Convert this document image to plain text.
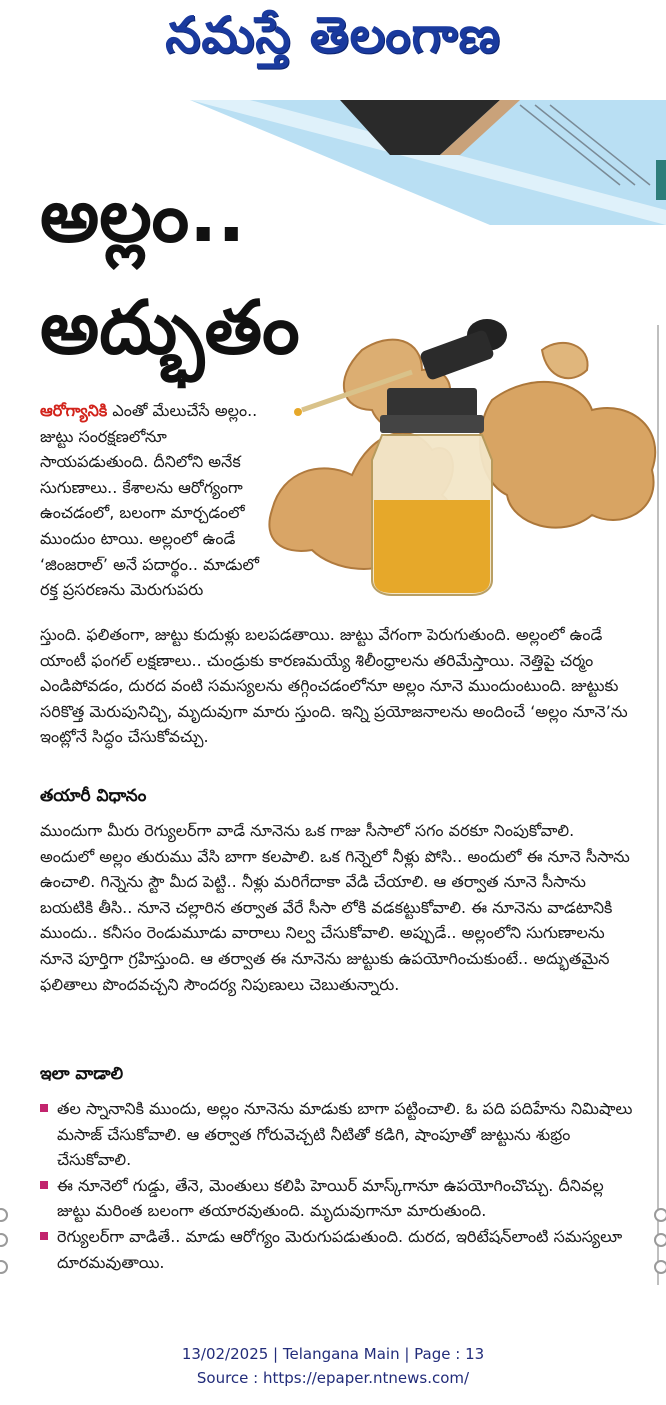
నమస్తే తెలంగాణ
అల్లం..
అద్భుతం
ఆరోగ్యానికి ఎంతో మేలుచేసే అల్లం.. జుట్టు సంరక్షణలోనూ సాయపడుతుంది. దీనిలోని అనేక సుగుణాలు.. కేశాలను ఆరోగ్యంగా ఉంచడంలో, బలంగా మార్చడంలో ముందుం టాయి. అల్లంలో ఉండే ‘జింజరాల్’ అనే పదార్థం.. మాడులో రక్త ప్రసరణను మెరుగుపరు
స్తుంది. ఫలితంగా, జుట్టు కుదుళ్లు బలపడతాయి. జుట్టు వేగంగా పెరుగుతుంది. అల్లంలో ఉండే యాంటీ ఫంగల్ లక్షణాలు.. చుండ్రుకు కారణమయ్యే శిలీంధ్రాలను తరిమేస్తాయి. నెత్తిపై చర్మం ఎండిపోవడం, దురద వంటి సమస్యలను తగ్గించడంలోనూ అల్లం నూనె ముందుంటుంది. జుట్టుకు సరికొత్త మెరుపునిచ్చి, మృదువుగా మారు స్తుంది. ఇన్ని ప్రయోజనాలను అందించే ‘అల్లం నూనె’ను ఇంట్లోనే సిద్ధం చేసుకోవచ్చు.
తయారీ విధానం
ముందుగా మీరు రెగ్యులర్‌గా వాడే నూనెను ఒక గాజు సీసాలో సగం వరకూ నింపుకోవాలి. అందులో అల్లం తురుము వేసి బాగా కలపాలి. ఒక గిన్నెలో నీళ్లు పోసి.. అందులో ఈ నూనె సీసాను ఉంచాలి. గిన్నెను స్టౌ మీద పెట్టి.. నీళ్లు మరిగేదాకా వేడి చేయాలి. ఆ తర్వాత నూనె సీసాను బయటికి తీసి.. నూనె చల్లారిన తర్వాత వేరే సీసా లోకి వడకట్టుకోవాలి. ఈ నూనెను వాడటానికి ముందు.. కనీసం రెండుమూడు వారాలు నిల్వ చేసుకోవాలి. అప్పుడే.. అల్లంలోని సుగుణాలను నూనె పూర్తిగా గ్రహిస్తుంది. ఆ తర్వాత ఈ నూనెను జుట్టుకు ఉపయోగించుకుంటే.. అద్భుతమైన ఫలితాలు పొందవచ్చని సౌందర్య నిపుణులు చెబుతున్నారు.
ఇలా వాడాలి
తల స్నానానికి ముందు, అల్లం నూనెను మాడుకు బాగా పట్టించాలి. ఓ పది పదిహేను నిమిషాలు మసాజ్ చేసుకోవాలి. ఆ తర్వాత గోరువెచ్చటి నీటితో కడిగి, షాంపూతో జుట్టును శుభ్రం చేసుకోవాలి.
ఈ నూనెలో గుడ్డు, తేనె, మెంతులు కలిపి హెయిర్ మాస్క్‌గానూ ఉపయోగించొచ్చు. దీనివల్ల జుట్టు మరింత బలంగా తయారవుతుంది. మృదువుగానూ మారుతుంది.
రెగ్యులర్‌గా వాడితే.. మాడు ఆరోగ్యం మెరుగుపడుతుంది. దురద, ఇరిటేషన్‌లాంటి సమస్యలూ దూరమవుతాయి.
13/02/2025 | Telangana Main | Page : 13
Source : https://epaper.ntnews.com/
